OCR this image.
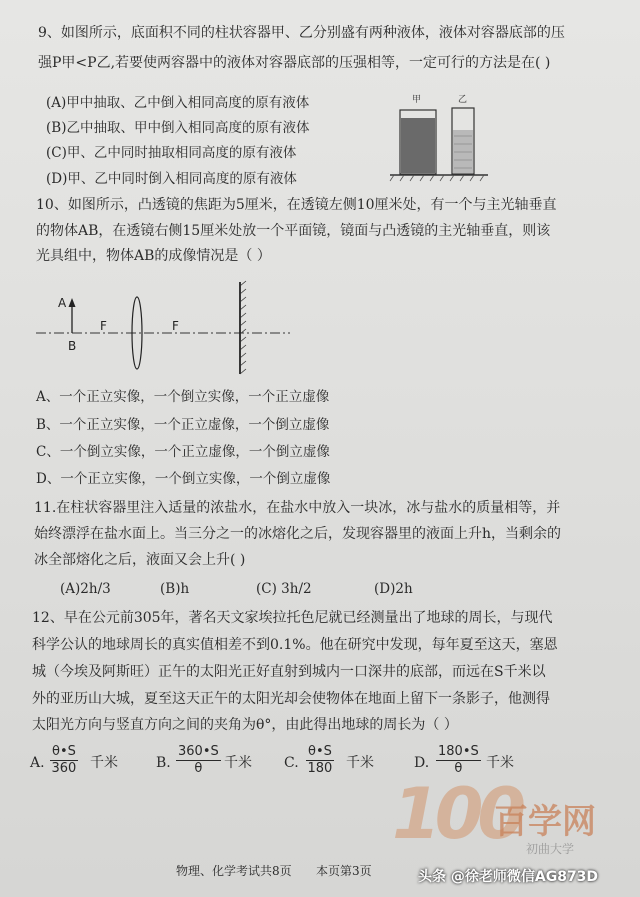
9、如图所示，底面积不同的柱状容器甲、乙分别盛有两种液体，液体对容器底部的压
强P甲<P乙,若要使两容器中的液体对容器底部的压强相等，一定可行的方法是在( )
(A)甲中抽取、乙中倒入相同高度的原有液体
(B)乙中抽取、甲中倒入相同高度的原有液体
(C)甲、乙中同时抽取相同高度的原有液体
(D)甲、乙中同时倒入相同高度的原有液体
甲	乙
10、如图所示，凸透镜的焦距为5厘米，在透镜左侧10厘米处，有一个与主光轴垂直
的物体AB，在透镜右侧15厘米处放一个平面镜，镜面与凸透镜的主光轴垂直，则该
光具组中，物体AB的成像情况是（ ）
A
B
F	F
A、一个正立实像，一个倒立实像，一个正立虚像
B、一个正立实像，一个正立虚像，一个倒立虚像
C、一个倒立实像，一个正立虚像，一个倒立虚像
D、一个正立实像，一个倒立实像，一个倒立虚像
11.在柱状容器里注入适量的浓盐水，在盐水中放入一块冰，冰与盐水的质量相等，并
始终漂浮在盐水面上。当三分之一的冰熔化之后，发现容器里的液面上升h，当剩余的
冰全部熔化之后，液面又会上升( )
(A)2h/3	(B)h	(C) 3h/2	(D)2h
12、早在公元前305年，著名天文家埃拉托色尼就已经测量出了地球的周长，与现代
科学公认的地球周长的真实值相差不到0.1%。他在研究中发现，每年夏至这天，塞恩
城（今埃及阿斯旺）正午的太阳光正好直射到城内一口深井的底部，而远在S千米以
外的亚历山大城，夏至这天正午的太阳光却会使物体在地面上留下一条影子，他测得
太阳光方向与竖直方向之间的夹角为θ°，由此得出地球的周长为（ ）
A. $\frac{\theta•S}{360}$ 千米	B. $\frac{360•S}{\theta}$ 千米 C. $\frac{\theta•S}{180}$ 千米	D. $\frac{180•S}{\theta}$ 千米
100
百学网
物理、化学考试共8页 本页第3页
初曲大学
头条 @徐老师微信AG873D
